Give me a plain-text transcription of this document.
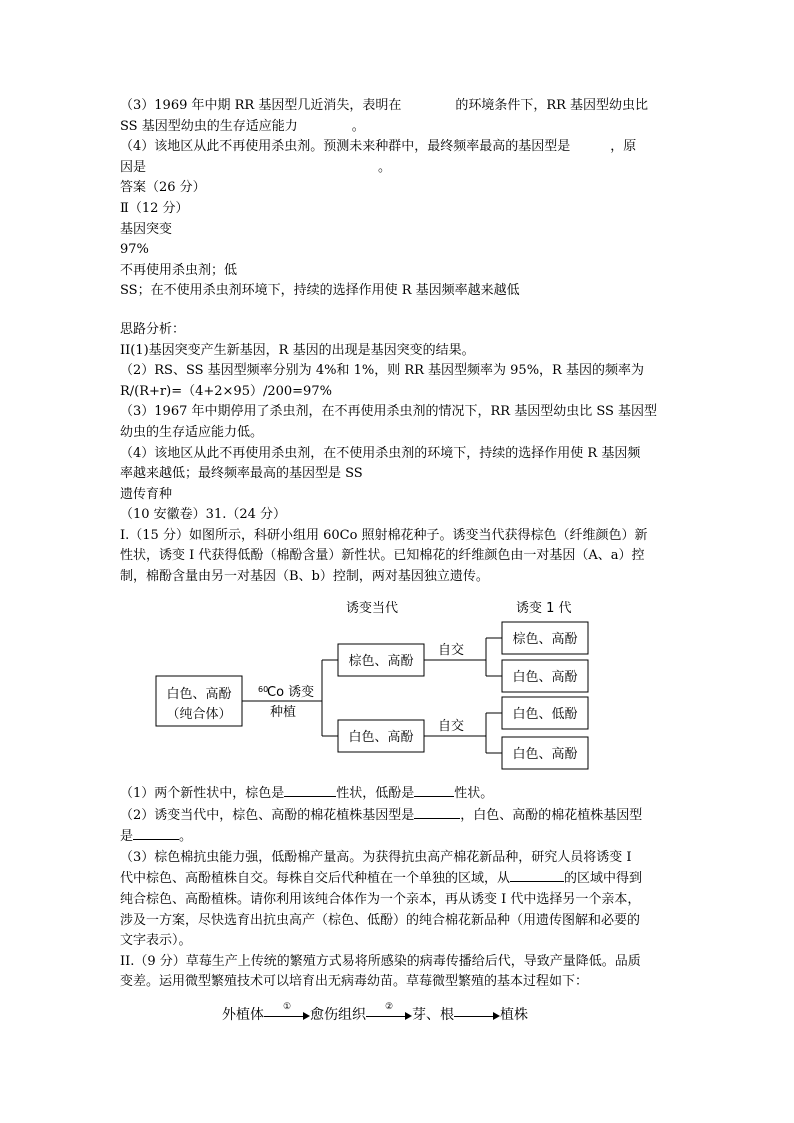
（3）1969 年中期 RR 基因型几近消失，表明在	的环境条件下，RR 基因型幼虫比
SS 基因型幼虫的生存适应能力	。
（4）该地区从此不再使用杀虫剂。预测未来种群中，最终频率最高的基因型是	，原
因是	。
答案（26 分）
Ⅱ（12 分）
基因突变
97%
不再使用杀虫剂；低
SS；在不使用杀虫剂环境下，持续的选择作用使 R 基因频率越来越低
思路分析：
II(1)基因突变产生新基因，R 基因的出现是基因突变的结果。
（2）RS、SS 基因型频率分别为 4%和 1%，则 RR 基因型频率为 95%，R 基因的频率为
R/(R+r)=（4+2×95）/200=97%
（3）1967 年中期停用了杀虫剂，在不再使用杀虫剂的情况下，RR 基因型幼虫比 SS 基因型
幼虫的生存适应能力低。
（4）该地区从此不再使用杀虫剂，在不使用杀虫剂的环境下，持续的选择作用使 R 基因频
率越来越低；最终频率最高的基因型是 SS
遗传育种
（10 安徽卷）31.（24 分）
I.（15 分）如图所示，科研小组用 60Co 照射棉花种子。诱变当代获得棕色（纤维颜色）新
性状，诱变 I 代获得低酚（棉酚含量）新性状。已知棉花的纤维颜色由一对基因（A、a）控
制，棉酚含量由另一对基因（B、b）控制，两对基因独立遗传。
诱变当代	诱变 1 代
白色、高酚
（纯合体）
60
Co 诱变
种植
棕色、高酚
白色、高酚
自交
自交
棕色、高酚
白色、高酚
白色、低酚
白色、高酚
（1）两个新性状中，棕色是	性状，低酚是	性状。
（2）诱变当代中，棕色、高酚的棉花植株基因型是	，白色、高酚的棉花植株基因型
是	。
（3）棕色棉抗虫能力强，低酚棉产量高。为获得抗虫高产棉花新品种，研究人员将诱变 I
代中棕色、高酚植株自交。每株自交后代种植在一个单独的区域，从	的区域中得到
纯合棕色、高酚植株。请你利用该纯合体作为一个亲本，再从诱变 I 代中选择另一个亲本，
涉及一方案，尽快选育出抗虫高产（棕色、低酚）的纯合棉花新品种（用遗传图解和必要的
文字表示）。
II.（9 分）草莓生产上传统的繁殖方式易将所感染的病毒传播给后代，导致产量降低。品质
变差。运用微型繁殖技术可以培育出无病毒幼苗。草莓微型繁殖的基本过程如下：
外植体	①	愈伤组织	②	芽、根	植株
